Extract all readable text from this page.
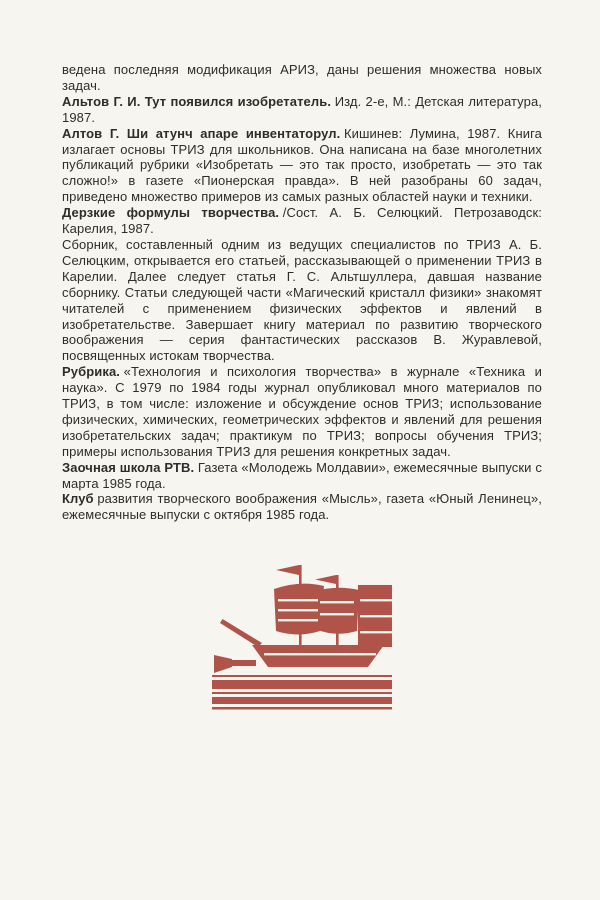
ведена последняя модификация АРИЗ, даны решения множества новых задач.

Альтов Г. И. Тут появился изобретатель. Изд. 2-е, М.: Детская литература, 1987.

Алтов Г. Ши атунч апаре инвентаторул. Кишинев: Лумина, 1987. Книга излагает основы ТРИЗ для школьников. Она написана на базе многолетних публикаций рубрики «Изобретать — это так просто, изобретать — это так сложно!» в газете «Пионерская правда». В ней разобраны 60 задач, приведено множество примеров из самых разных областей науки и техники.

Дерзкие формулы творчества. /Сост. А. Б. Селюцкий. Петрозаводск: Карелия, 1987.

Сборник, составленный одним из ведущих специалистов по ТРИЗ А. Б. Селюцким, открывается его статьей, рассказывающей о применении ТРИЗ в Карелии. Далее следует статья Г. С. Альтшуллера, давшая название сборнику. Статьи следующей части «Магический кристалл физики» знакомят читателей с применением физических эффектов и явлений в изобретательстве. Завершает книгу материал по развитию творческого воображения — серия фантастических рассказов В. Журавлевой, посвященных истокам творчества.

Рубрика. «Технология и психология творчества» в журнале «Техника и наука». С 1979 по 1984 годы журнал опубликовал много материалов по ТРИЗ, в том числе: изложение и обсуждение основ ТРИЗ; использование физических, химических, геометрических эффектов и явлений для решения изобретательских задач; практикум по ТРИЗ; вопросы обучения ТРИЗ; примеры использования ТРИЗ для решения конкретных задач.

Заочная школа РТВ. Газета «Молодежь Молдавии», ежемесячные выпуски с марта 1985 года.

Клуб развития творческого воображения «Мысль», газета «Юный Ленинец», ежемесячные выпуски с октября 1985 года.
